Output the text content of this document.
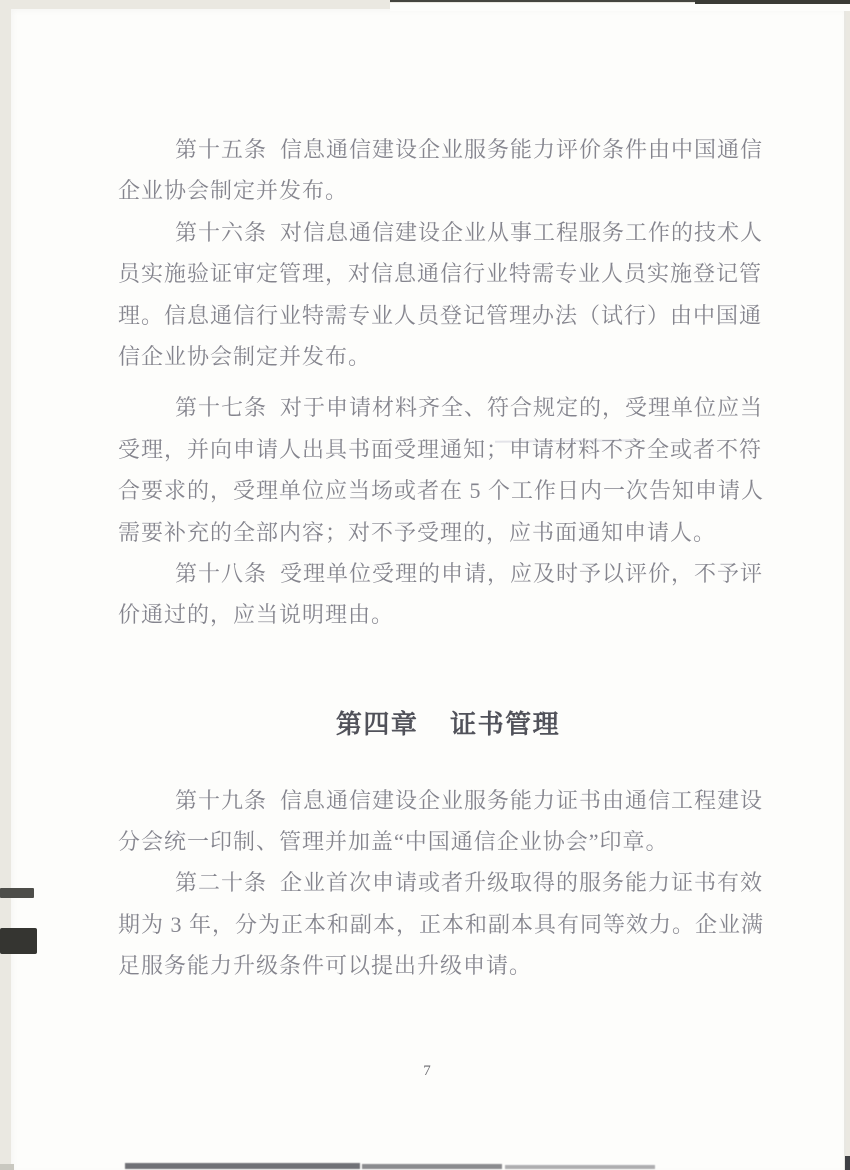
第十五条  信息通信建设企业服务能力评价条件由中国通信
企业协会制定并发布。
第十六条  对信息通信建设企业从事工程服务工作的技术人
员实施验证审定管理，对信息通信行业特需专业人员实施登记管
理。信息通信行业特需专业人员登记管理办法（试行）由中国通
信企业协会制定并发布。
第十七条  对于申请材料齐全、符合规定的，受理单位应当
受理，并向申请人出具书面受理通知；申请材料不齐全或者不符
合要求的，受理单位应当场或者在 5 个工作日内一次告知申请人
需要补充的全部内容；对不予受理的，应书面通知申请人。
第十八条  受理单位受理的申请，应及时予以评价，不予评
价通过的，应当说明理由。
第四章   证书管理
第十九条  信息通信建设企业服务能力证书由通信工程建设
分会统一印制、管理并加盖“中国通信企业协会”印章。
第二十条  企业首次申请或者升级取得的服务能力证书有效
期为 3 年，分为正本和副本，正本和副本具有同等效力。企业满
足服务能力升级条件可以提出升级申请。
7
